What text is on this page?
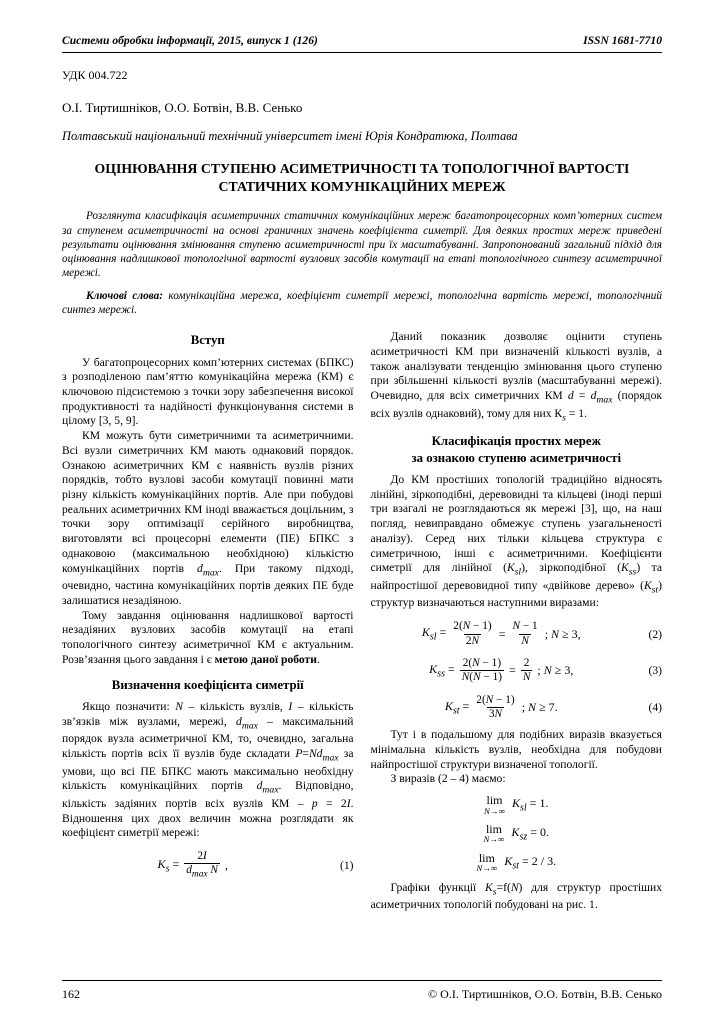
Системи обробки інформації, 2015, випуск 1 (126)	ISSN 1681-7710
УДК 004.722
О.І. Тиртишніков, О.О. Ботвін, В.В. Сенько
Полтавський національний технічний університет імені Юрія Кондратюка, Полтава
ОЦІНЮВАННЯ СТУПЕНЮ АСИМЕТРИЧНОСТІ ТА ТОПОЛОГІЧНОЇ ВАРТОСТІ
СТАТИЧНИХ КОМУНІКАЦІЙНИХ МЕРЕЖ
Розглянута класифікація асиметричних статичних комунікаційних мереж багатопроцесорних комп’ютерних систем за ступенем асиметричності на основі граничних значень коефіцієнта симетрії. Для деяких простих мереж приведені результати оцінювання змінювання ступеню асиметричності при їх масштабуванні. Запропонований загальний підхід для оцінювання надлишкової топологічної вартості вузлових засобів комутації на етапі топологічного синтезу асиметричної мережі.
Ключові слова: комунікаційна мережа, коефіцієнт симетрії мережі, топологічна вартість мережі, топологічний синтез мережі.
Вступ

У багатопроцесорних комп’ютерних системах (БПКС) з розподіленою пам’яттю комунікаційна мережа (КМ) є ключовою підсистемою з точки зору забезпечення високої продуктивності та надійності функціонування системи в цілому [3, 5, 9].

КМ можуть бути симетричними та асиметричними. Всі вузли симетричних КМ мають однаковий порядок. Ознакою асиметричних КМ є наявність вузлів різних порядків, тобто вузлові засоби комутації повинні мати різну кількість комунікаційних портів. Але при побудові реальних асиметричних КМ іноді вважається доцільним, з точки зору оптимізації серійного виробництва, виготовляти всі процесорні елементи (ПЕ) БПКС з однаковою (максимальною необхідною) кількістю комунікаційних портів $d_{max}$. При такому підході, очевидно, частина комунікаційних портів деяких ПЕ буде залишатися незадіяною.

Тому завдання оцінювання надлишкової вартості незадіяних вузлових засобів комутації на етапі топологічного синтезу асиметричної КМ є актуальним. Розв’язання цього завдання і є метою даної роботи.

Визначення коефіцієнта симетрії

Якщо позначити: N – кількість вузлів, I – кількість зв’язків між вузлами, мережі, $d_{max}$ – максимальний порядок вузла асиметричної КМ, то, очевидно, загальна кількість портів всіх її вузлів буде складати $P=Nd_{max}$ за умови, що всі ПЕ БПКС мають максимально необхідну кількість комунікаційних портів $d_{max}$. Відповідно, кількість задіяних портів всіх вузлів КМ – p = 2I. Відношення цих двох величин можна розглядати як коефіцієнт симетрії мережі:

$K_s = \frac{2I}{d_{max} N}$ ,	(1)

Даний показник дозволяє оцінити ступень асиметричності КМ при визначеній кількості вузлів, а також аналізувати тенденцію змінювання цього ступеню при збільшенні кількості вузлів (масштабуванні мережі). Очевидно, для всіх симетричних КМ $d = d_{max}$ (порядок всіх вузлів однаковий), тому для них $К_s = 1$.

Класифікація простих мереж
за ознакою ступеню асиметричності

До КМ простіших топологій традиційно відносять лінійні, зіркоподібні, деревовидні та кільцеві (іноді перші три взагалі не розглядаються як мережі [3], що, на наш погляд, невиправдано обмежує ступень узагальненості аналізу). Серед них тільки кільцева структура є симетричною, інші є асиметричними. Коефіцієнти симетрії для лінійної $(K_{sl})$, зіркоподібної $(K_{ss})$ та найпростішої деревовидної типу «двійкове дерево» $(K_{st})$ структур визначаються наступними виразами:

$K_{sl} = \frac{2(N - 1)}{2N} = \frac{N - 1}{N}$ ; N ≥ 3,	(2)
$K_{ss} = \frac{2(N - 1)}{N(N - 1)} = \frac{2}{N}$ ; N ≥ 3,	(3)
$K_{st} = \frac{2(N - 1)}{3N}$ ; N ≥ 7.	(4)

Тут і в подальшому для подібних виразів вказується мінімальна кількість вузлів, необхідна для побудови найпростішої структури визначеної топології.

З виразів (2 – 4) маємо:

lim
N→∞
$K_{sl} = 1$.
lim
N→∞
$K_{sz} = 0$.
lim
N→∞
$K_{st} = 2 / 3$.

Графіки функції $K_s=f(N)$ для структур простіших асиметричних топологій побудовані на рис. 1.

162	© О.І. Тиртишніков, О.О. Ботвін, В.В. Сенько
